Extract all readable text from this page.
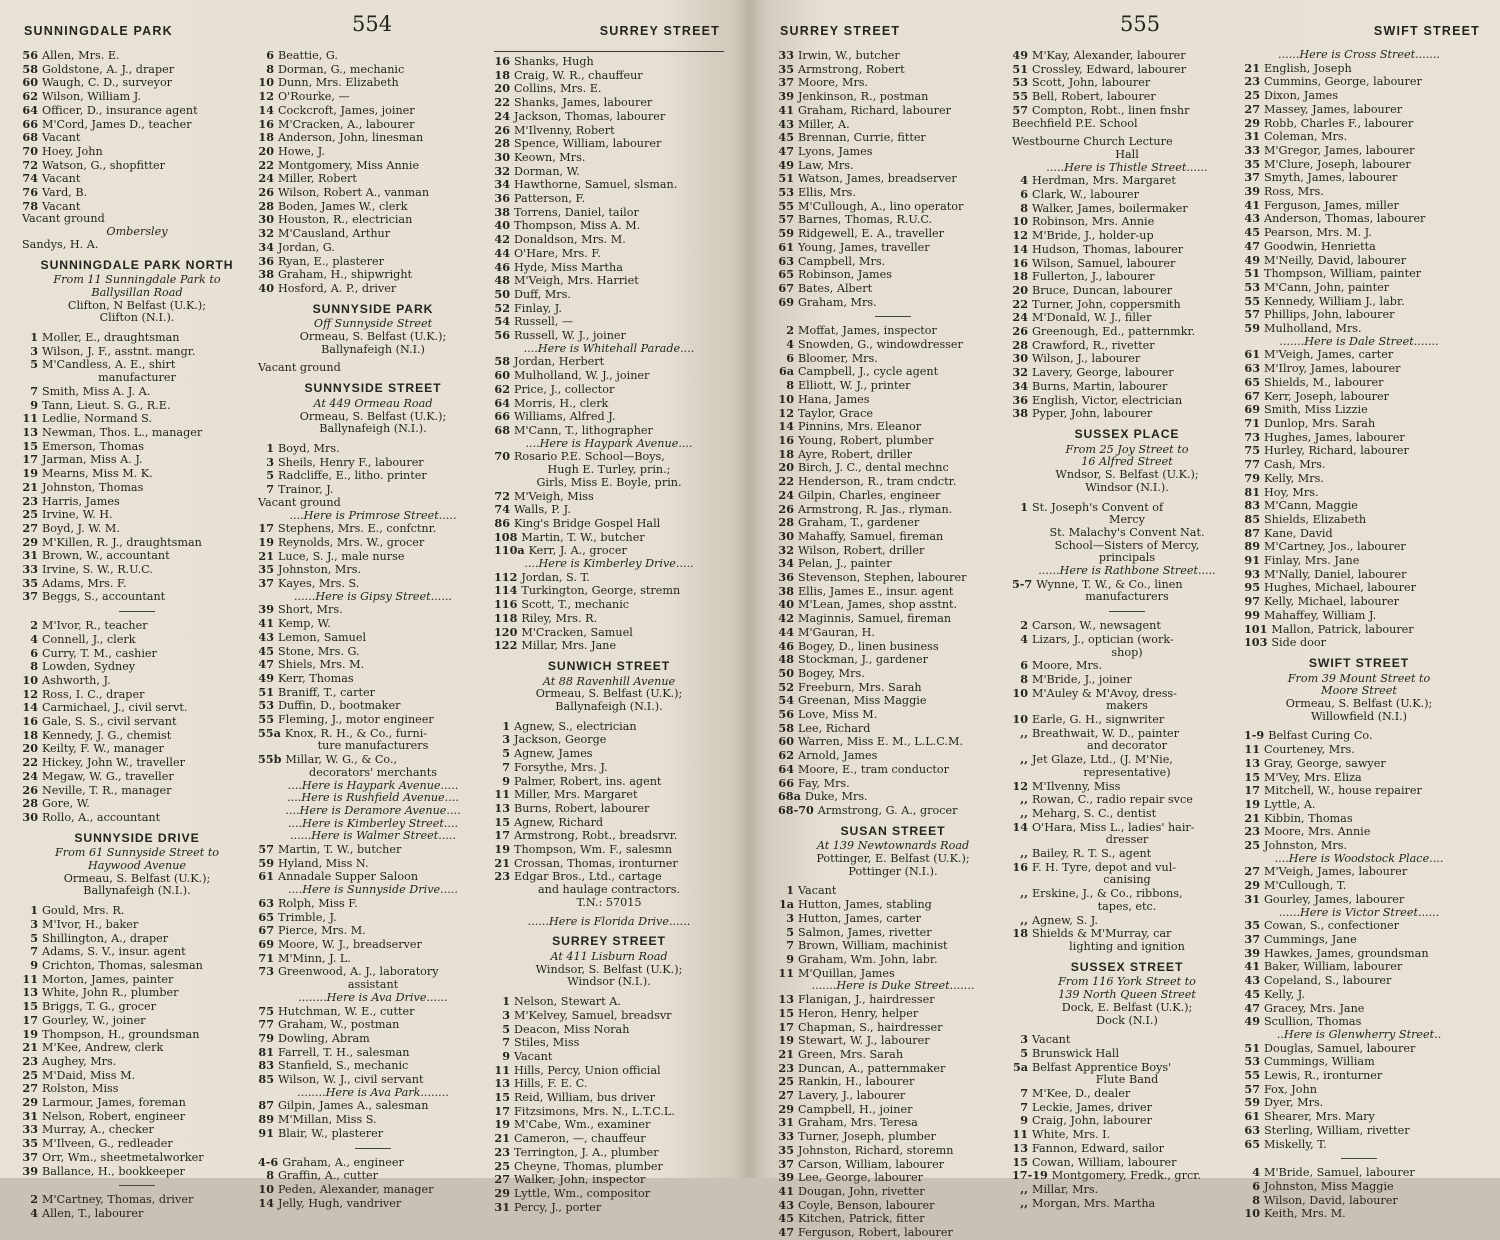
SUNNINGDALE PARK	554	SURREY STREET
56 Allen, Mrs. E.
58 Goldstone, A. J., draper
60 Waugh, C. D., surveyor
62 Wilson, William J.
64 Officer, D., insurance agent
66 M'Cord, James D., teacher
68 Vacant
70 Hoey, John
72 Watson, G., shopfitter
74 Vacant
76 Vard, B.
78 Vacant
Vacant ground
Ombersley
Sandys, H. A.
SUNNINGDALE PARK NORTH
From 11 Sunningdale Park to
Ballysillan Road
Clifton, N Belfast (U.K.);
Clifton (N.I.).
1 Moller, E., draughtsman
3 Wilson, J. F., asstnt. mangr.
5 M'Candless, A. E., shirt
manufacturer
7 Smith, Miss A. J. A.
9 Tann, Lieut. S. G., R.E.
11 Ledlie, Normand S.
13 Newman, Thos. L., manager
15 Emerson, Thomas
17 Jarman, Miss A. J.
19 Mearns, Miss M. K.
21 Johnston, Thomas
23 Harris, James
25 Irvine, W. H.
27 Boyd, J. W. M.
29 M'Killen, R. J., draughtsman
31 Brown, W., accountant
33 Irvine, S. W., R.U.C.
35 Adams, Mrs. F.
37 Beggs, S., accountant
2 M'Ivor, R., teacher
4 Connell, J., clerk
6 Curry, T. M., cashier
8 Lowden, Sydney
10 Ashworth, J.
12 Ross, I. C., draper
14 Carmichael, J., civil servt.
16 Gale, S. S., civil servant
18 Kennedy, J. G., chemist
20 Keilty, F. W., manager
22 Hickey, John W., traveller
24 Megaw, W. G., traveller
26 Neville, T. R., manager
28 Gore, W.
30 Rollo, A., accountant
SUNNYSIDE DRIVE
From 61 Sunnyside Street to
Haywood Avenue
Ormeau, S. Belfast (U.K.);
Ballynafeigh (N.I.).
1 Gould, Mrs. R.
3 M'Ivor, H., baker
5 Shillington, A., draper
7 Adams, S. V., insur. agent
9 Crichton, Thomas, salesman
11 Morton, James, painter
13 White, John R., plumber
15 Briggs, T. G., grocer
17 Gourley, W., joiner
19 Thompson, H., groundsman
21 M'Kee, Andrew, clerk
23 Aughey, Mrs.
25 M'Daid, Miss M.
27 Rolston, Miss
29 Larmour, James, foreman
31 Nelson, Robert, engineer
33 Murray, A., checker
35 M'Ilveen, G., redleader
37 Orr, Wm., sheetmetalworker
39 Ballance, H., bookkeeper
2 M'Cartney, Thomas, driver
4 Allen, T., labourer
6 Beattie, G.
8 Dorman, G., mechanic
10 Dunn, Mrs. Elizabeth
12 O'Rourke, —
14 Cockcroft, James, joiner
16 M'Cracken, A., labourer
18 Anderson, John, linesman
20 Howe, J.
22 Montgomery, Miss Annie
24 Miller, Robert
26 Wilson, Robert A., vanman
28 Boden, James W., clerk
30 Houston, R., electrician
32 M'Causland, Arthur
34 Jordan, G.
36 Ryan, E., plasterer
38 Graham, H., shipwright
40 Hosford, A. P., driver
SUNNYSIDE PARK
Off Sunnyside Street
Ormeau, S. Belfast (U.K.);
Ballynafeigh (N.I.)
Vacant ground
SUNNYSIDE STREET
At 449 Ormeau Road
Ormeau, S. Belfast (U.K.);
Ballynafeigh (N.I.).
1 Boyd, Mrs.
3 Sheils, Henry F., labourer
5 Radcliffe, E., litho. printer
7 Trainor, J.
Vacant ground
....Here is Primrose Street.....
17 Stephens, Mrs. E., confctnr.
19 Reynolds, Mrs. W., grocer
21 Luce, S. J., male nurse
35 Johnston, Mrs.
37 Kayes, Mrs. S.
......Here is Gipsy Street......
39 Short, Mrs.
41 Kemp, W.
43 Lemon, Samuel
45 Stone, Mrs. G.
47 Shiels, Mrs. M.
49 Kerr, Thomas
51 Braniff, T., carter
53 Duffin, D., bootmaker
55 Fleming, J., motor engineer
55a Knox, R. H., & Co., furni-
ture manufacturers
55b Millar, W. G., & Co.,
decorators' merchants
....Here is Haypark Avenue.....
....Here is Rushfield Avenue....
....Here is Deramore Avenue....
....Here is Kimberley Street....
......Here is Walmer Street.....
57 Martin, T. W., butcher
59 Hyland, Miss N.
61 Annadale Supper Saloon
....Here is Sunnyside Drive.....
63 Rolph, Miss F.
65 Trimble, J.
67 Pierce, Mrs. M.
69 Moore, W. J., breadserver
71 M'Minn, J. L.
73 Greenwood, A. J., laboratory
assistant
........Here is Ava Drive......
75 Hutchman, W. E., cutter
77 Graham, W., postman
79 Dowling, Abram
81 Farrell, T. H., salesman
83 Stanfield, S., mechanic
85 Wilson, W. J., civil servant
........Here is Ava Park........
87 Gilpin, James A., salesman
89 M'Millan, Miss S.
91 Blair, W., plasterer
4-6 Graham, A., engineer
8 Graffin, A., cutter
10 Peden, Alexander, manager
14 Jelly, Hugh, vandriver
16 Shanks, Hugh
18 Craig, W. R., chauffeur
20 Collins, Mrs. E.
22 Shanks, James, labourer
24 Jackson, Thomas, labourer
26 M'Ilvenny, Robert
28 Spence, William, labourer
30 Keown, Mrs.
32 Dorman, W.
34 Hawthorne, Samuel, slsman.
36 Patterson, F.
38 Torrens, Daniel, tailor
40 Thompson, Miss A. M.
42 Donaldson, Mrs. M.
44 O'Hare, Mrs. F.
46 Hyde, Miss Martha
48 M'Veigh, Mrs. Harriet
50 Duff, Mrs.
52 Finlay, J.
54 Russell, —
56 Russell, W. J., joiner
....Here is Whitehall Parade....
58 Jordan, Herbert
60 Mulholland, W. J., joiner
62 Price, J., collector
64 Morris, H., clerk
66 Williams, Alfred J.
68 M'Cann, T., lithographer
....Here is Haypark Avenue....
70 Rosario P.E. School—Boys,
Hugh E. Turley, prin.;
Girls, Miss E. Boyle, prin.
72 M'Veigh, Miss
74 Walls, P. J.
86 King's Bridge Gospel Hall
108 Martin, T. W., butcher
110a Kerr, J. A., grocer
....Here is Kimberley Drive.....
112 Jordan, S. T.
114 Turkington, George, stremn
116 Scott, T., mechanic
118 Riley, Mrs. R.
120 M'Cracken, Samuel
122 Millar, Mrs. Jane
SUNWICH STREET
At 88 Ravenhill Avenue
Ormeau, S. Belfast (U.K.);
Ballynafeigh (N.I.).
1 Agnew, S., electrician
3 Jackson, George
5 Agnew, James
7 Forsythe, Mrs. J.
9 Palmer, Robert, ins. agent
11 Miller, Mrs. Margaret
13 Burns, Robert, labourer
15 Agnew, Richard
17 Armstrong, Robt., breadsrvr.
19 Thompson, Wm. F., salesmn
21 Crossan, Thomas, ironturner
23 Edgar Bros., Ltd., cartage
and haulage contractors.
T.N.: 57015
......Here is Florida Drive......
SURREY STREET
At 411 Lisburn Road
Windsor, S. Belfast (U.K.);
Windsor (N.I.).
1 Nelson, Stewart A.
3 M'Kelvey, Samuel, breadsvr
5 Deacon, Miss Norah
7 Stiles, Miss
9 Vacant
11 Hills, Percy, Union official
13 Hills, F. E. C.
15 Reid, William, bus driver
17 Fitzsimons, Mrs. N., L.T.C.L.
19 M'Cabe, Wm., examiner
21 Cameron, —, chauffeur
23 Terrington, J. A., plumber
25 Cheyne, Thomas, plumber
27 Walker, John, inspector
29 Lyttle, Wm., compositor
31 Percy, J., porter
SURREY STREET	555	SWIFT STREET
33 Irwin, W., butcher
35 Armstrong, Robert
37 Moore, Mrs.
39 Jenkinson, R., postman
41 Graham, Richard, labourer
43 Miller, A.
45 Brennan, Currie, fitter
47 Lyons, James
49 Law, Mrs.
51 Watson, James, breadserver
53 Ellis, Mrs.
55 M'Cullough, A., lino operator
57 Barnes, Thomas, R.U.C.
59 Ridgewell, E. A., traveller
61 Young, James, traveller
63 Campbell, Mrs.
65 Robinson, James
67 Bates, Albert
69 Graham, Mrs.
2 Moffat, James, inspector
4 Snowden, G., windowdresser
6 Bloomer, Mrs.
6a Campbell, J., cycle agent
8 Elliott, W. J., printer
10 Hana, James
12 Taylor, Grace
14 Pinnins, Mrs. Eleanor
16 Young, Robert, plumber
18 Ayre, Robert, driller
20 Birch, J. C., dental mechnc
22 Henderson, R., tram cndctr.
24 Gilpin, Charles, engineer
26 Armstrong, R. Jas., rlyman.
28 Graham, T., gardener
30 Mahaffy, Samuel, fireman
32 Wilson, Robert, driller
34 Pelan, J., painter
36 Stevenson, Stephen, labourer
38 Ellis, James E., insur. agent
40 M'Lean, James, shop asstnt.
42 Maginnis, Samuel, fireman
44 M'Gauran, H.
46 Bogey, D., linen business
48 Stockman, J., gardener
50 Bogey, Mrs.
52 Freeburn, Mrs. Sarah
54 Greenan, Miss Maggie
56 Love, Miss M.
58 Lee, Richard
60 Warren, Miss E. M., L.L.C.M.
62 Arnold, James
64 Moore, E., tram conductor
66 Fay, Mrs.
68a Duke, Mrs.
68-70 Armstrong, G. A., grocer
SUSAN STREET
At 139 Newtownards Road
Pottinger, E. Belfast (U.K.);
Pottinger (N.I.).
1 Vacant
1a Hutton, James, stabling
3 Hutton, James, carter
5 Salmon, James, rivetter
7 Brown, William, machinist
9 Graham, Wm. John, labr.
11 M'Quillan, James
.......Here is Duke Street.......
13 Flanigan, J., hairdresser
15 Heron, Henry, helper
17 Chapman, S., hairdresser
19 Stewart, W. J., labourer
21 Green, Mrs. Sarah
23 Duncan, A., patternmaker
25 Rankin, H., labourer
27 Lavery, J., labourer
29 Campbell, H., joiner
31 Graham, Mrs. Teresa
33 Turner, Joseph, plumber
35 Johnston, Richard, storemn
37 Carson, William, labourer
39 Lee, George, labourer
41 Dougan, John, rivetter
43 Coyle, Benson, labourer
45 Kitchen, Patrick, fitter
47 Ferguson, Robert, labourer
49 M'Kay, Alexander, labourer
51 Crossley, Edward, labourer
53 Scott, John, labourer
55 Bell, Robert, labourer
57 Compton, Robt., linen fnshr
Beechfield P.E. School
Westbourne Church Lecture
Hall
.....Here is Thistle Street......
4 Herdman, Mrs. Margaret
6 Clark, W., labourer
8 Walker, James, boilermaker
10 Robinson, Mrs. Annie
12 M'Bride, J., holder-up
14 Hudson, Thomas, labourer
16 Wilson, Samuel, labourer
18 Fullerton, J., labourer
20 Bruce, Duncan, labourer
22 Turner, John, coppersmith
24 M'Donald, W. J., filler
26 Greenough, Ed., patternmkr.
28 Crawford, R., rivetter
30 Wilson, J., labourer
32 Lavery, George, labourer
34 Burns, Martin, labourer
36 English, Victor, electrician
38 Pyper, John, labourer
SUSSEX PLACE
From 25 Joy Street to
16 Alfred Street
Wndsor, S. Belfast (U.K.);
Windsor (N.I.).
1 St. Joseph's Convent of
Mercy
St. Malachy's Convent Nat.
School—Sisters of Mercy,
principals
......Here is Rathbone Street.....
5-7 Wynne, T. W., & Co., linen
manufacturers
2 Carson, W., newsagent
4 Lizars, J., optician (work-
shop)
6 Moore, Mrs.
8 M'Bride, J., joiner
10 M'Auley & M'Avoy, dress-
makers
10 Earle, G. H., signwriter
,, Breathwait, W. D., painter
and decorator
,, Jet Glaze, Ltd., (J. M'Nie,
representative)
12 M'Ilvenny, Miss
,, Rowan, C., radio repair svce
,, Meharg, S. C., dentist
14 O'Hara, Miss L., ladies' hair-
dresser
,, Bailey, R. T. S., agent
16 F. H. Tyre, depot and vul-
canising
,, Erskine, J., & Co., ribbons,
tapes, etc.
,, Agnew, S. J.
18 Shields & M'Murray, car
lighting and ignition
SUSSEX STREET
From 116 York Street to
139 North Queen Street
Dock, E. Belfast (U.K.);
Dock (N.I.)
3 Vacant
5 Brunswick Hall
5a Belfast Apprentice Boys'
Flute Band
7 M'Kee, D., dealer
7 Leckie, James, driver
9 Craig, John, labourer
11 White, Mrs. I.
13 Fannon, Edward, sailor
15 Cowan, William, labourer
17-19 Montgomery, Fredk., grcr.
,, Millar, Mrs.
,, Morgan, Mrs. Martha
......Here is Cross Street.......
21 English, Joseph
23 Cummins, George, labourer
25 Dixon, James
27 Massey, James, labourer
29 Robb, Charles F., labourer
31 Coleman, Mrs.
33 M'Gregor, James, labourer
35 M'Clure, Joseph, labourer
37 Smyth, James, labourer
39 Ross, Mrs.
41 Ferguson, James, miller
43 Anderson, Thomas, labourer
45 Pearson, Mrs. M. J.
47 Goodwin, Henrietta
49 M'Neilly, David, labourer
51 Thompson, William, painter
53 M'Cann, John, painter
55 Kennedy, William J., labr.
57 Phillips, John, labourer
59 Mulholland, Mrs.
.......Here is Dale Street.......
61 M'Veigh, James, carter
63 M'Ilroy, James, labourer
65 Shields, M., labourer
67 Kerr, Joseph, labourer
69 Smith, Miss Lizzie
71 Dunlop, Mrs. Sarah
73 Hughes, James, labourer
75 Hurley, Richard, labourer
77 Cash, Mrs.
79 Kelly, Mrs.
81 Hoy, Mrs.
83 M'Cann, Maggie
85 Shields, Elizabeth
87 Kane, David
89 M'Cartney, Jos., labourer
91 Finlay, Mrs. Jane
93 M'Nally, Daniel, labourer
95 Hughes, Michael, labourer
97 Kelly, Michael, labourer
99 Mahaffey, William J.
101 Mallon, Patrick, labourer
103 Side door
SWIFT STREET
From 39 Mount Street to
Moore Street
Ormeau, S. Belfast (U.K.);
Willowfield (N.I.)
1-9 Belfast Curing Co.
11 Courteney, Mrs.
13 Gray, George, sawyer
15 M'Vey, Mrs. Eliza
17 Mitchell, W., house repairer
19 Lyttle, A.
21 Kibbin, Thomas
23 Moore, Mrs. Annie
25 Johnston, Mrs.
....Here is Woodstock Place....
27 M'Veigh, James, labourer
29 M'Cullough, T.
31 Gourley, James, labourer
......Here is Victor Street......
35 Cowan, S., confectioner
37 Cummings, Jane
39 Hawkes, James, groundsman
41 Baker, William, labourer
43 Copeland, S., labourer
45 Kelly, J.
47 Gracey, Mrs. Jane
49 Scullion, Thomas
..Here is Glenwherry Street..
51 Douglas, Samuel, labourer
53 Cummings, William
55 Lewis, R., ironturner
57 Fox, John
59 Dyer, Mrs.
61 Shearer, Mrs. Mary
63 Sterling, William, rivetter
65 Miskelly, T.
4 M'Bride, Samuel, labourer
6 Johnston, Miss Maggie
8 Wilson, David, labourer
10 Keith, Mrs. M.
